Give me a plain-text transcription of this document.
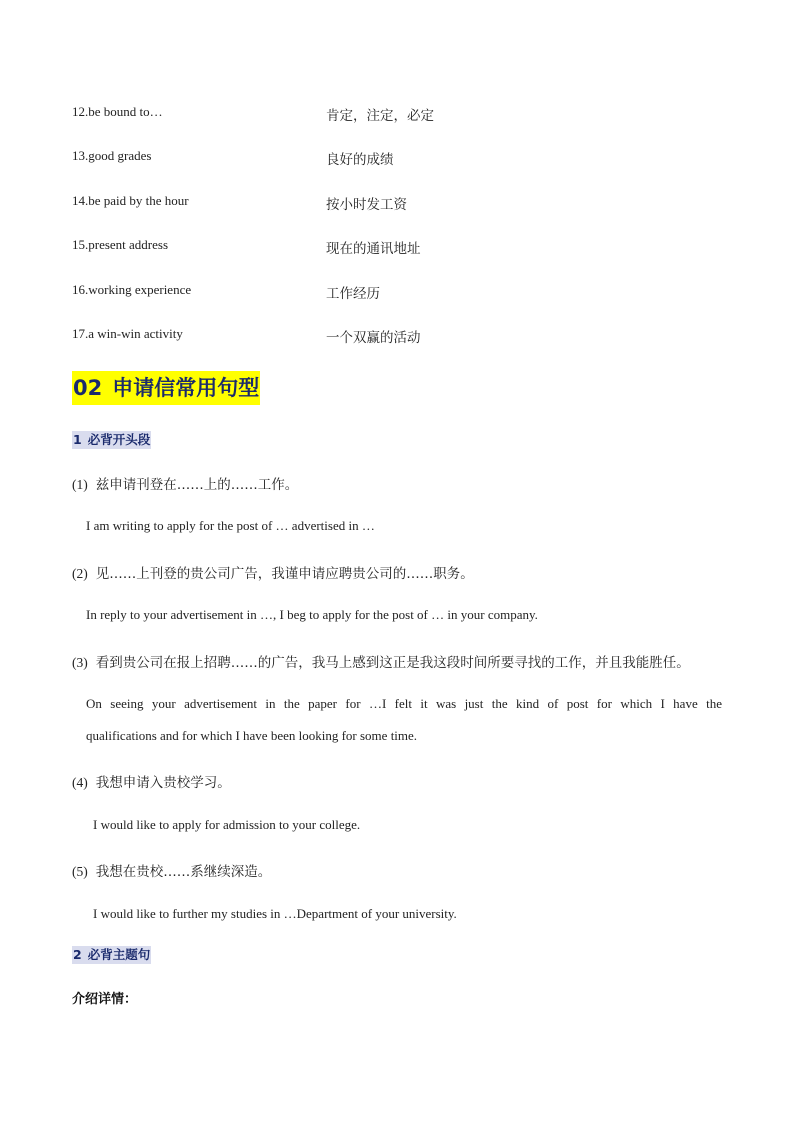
12.be bound to…	肯定，注定，必定
13.good grades	良好的成绩
14.be paid by the hour	按小时发工资
15.present address	现在的通讯地址
16.working experience	工作经历
17.a win-win activity	一个双赢的活动
02 申请信常用句型
1 必背开头段
(1) 兹申请刊登在……上的……工作。
I am writing to apply for the post of … advertised in …
(2) 见……上刊登的贵公司广告，我谨申请应聘贵公司的……职务。
In reply to your advertisement in …, I beg to apply for the post of … in your company.
(3) 看到贵公司在报上招聘……的广告，我马上感到这正是我这段时间所要寻找的工作，并且我能胜任。
On seeing your advertisement in the paper for …I felt it was just the kind of post for which I have the
qualifications and for which I have been looking for some time.
(4) 我想申请入贵校学习。
I would like to apply for admission to your college.
(5) 我想在贵校……系继续深造。
I would like to further my studies in …Department of your university.
2 必背主题句
介绍详情：
